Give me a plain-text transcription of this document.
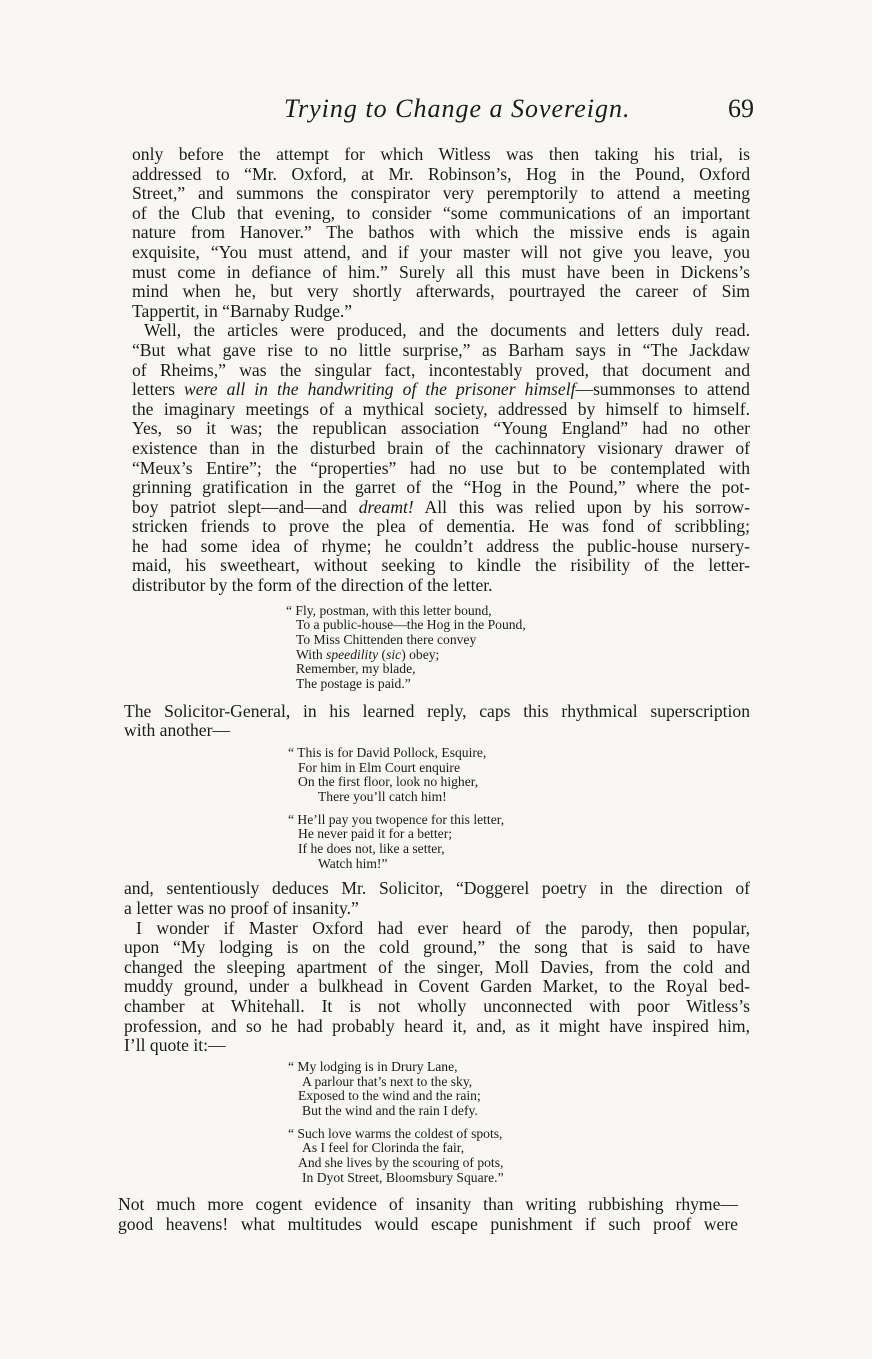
Trying to Change a Sovereign.	69
only before the attempt for which Witless was then taking his trial, is
addressed to “Mr. Oxford, at Mr. Robinson’s, Hog in the Pound, Oxford
Street,” and summons the conspirator very peremptorily to attend a meeting
of the Club that evening, to consider “some communications of an important
nature from Hanover.” The bathos with which the missive ends is again
exquisite, “You must attend, and if your master will not give you leave, you
must come in defiance of him.” Surely all this must have been in Dickens’s
mind when he, but very shortly afterwards, pourtrayed the career of Sim
Tappertit, in “Barnaby Rudge.”
Well, the articles were produced, and the documents and letters duly read.
“But what gave rise to no little surprise,” as Barham says in “The Jackdaw
of Rheims,” was the singular fact, incontestably proved, that document and
letters were all in the handwriting of the prisoner himself—summonses to attend
the imaginary meetings of a mythical society, addressed by himself to himself.
Yes, so it was; the republican association “Young England” had no other
existence than in the disturbed brain of the cachinnatory visionary drawer of
“Meux’s Entire”; the “properties” had no use but to be contemplated with
grinning gratification in the garret of the “Hog in the Pound,” where the pot-
boy patriot slept—and—and dreamt! All this was relied upon by his sorrow-
stricken friends to prove the plea of dementia. He was fond of scribbling;
he had some idea of rhyme; he couldn’t address the public-house nursery-
maid, his sweetheart, without seeking to kindle the risibility of the letter-
distributor by the form of the direction of the letter.
“ Fly, postman, with this letter bound,
To a public-house—the Hog in the Pound,
To Miss Chittenden there convey
With speedility (sic) obey;
Remember, my blade,
The postage is paid.”
The Solicitor-General, in his learned reply, caps this rhythmical superscription
with another—
“ This is for David Pollock, Esquire,
For him in Elm Court enquire
On the first floor, look no higher,
There you’ll catch him!
“ He’ll pay you twopence for this letter,
He never paid it for a better;
If he does not, like a setter,
Watch him!”
and, sententiously deduces Mr. Solicitor, “Doggerel poetry in the direction of
a letter was no proof of insanity.”
I wonder if Master Oxford had ever heard of the parody, then popular,
upon “My lodging is on the cold ground,” the song that is said to have
changed the sleeping apartment of the singer, Moll Davies, from the cold and
muddy ground, under a bulkhead in Covent Garden Market, to the Royal bed-
chamber at Whitehall. It is not wholly unconnected with poor Witless’s
profession, and so he had probably heard it, and, as it might have inspired him,
I’ll quote it:—
“ My lodging is in Drury Lane,
A parlour that’s next to the sky,
Exposed to the wind and the rain;
But the wind and the rain I defy.
“ Such love warms the coldest of spots,
As I feel for Clorinda the fair,
And she lives by the scouring of pots,
In Dyot Street, Bloomsbury Square.”
Not much more cogent evidence of insanity than writing rubbishing rhyme—
good heavens! what multitudes would escape punishment if such proof were
